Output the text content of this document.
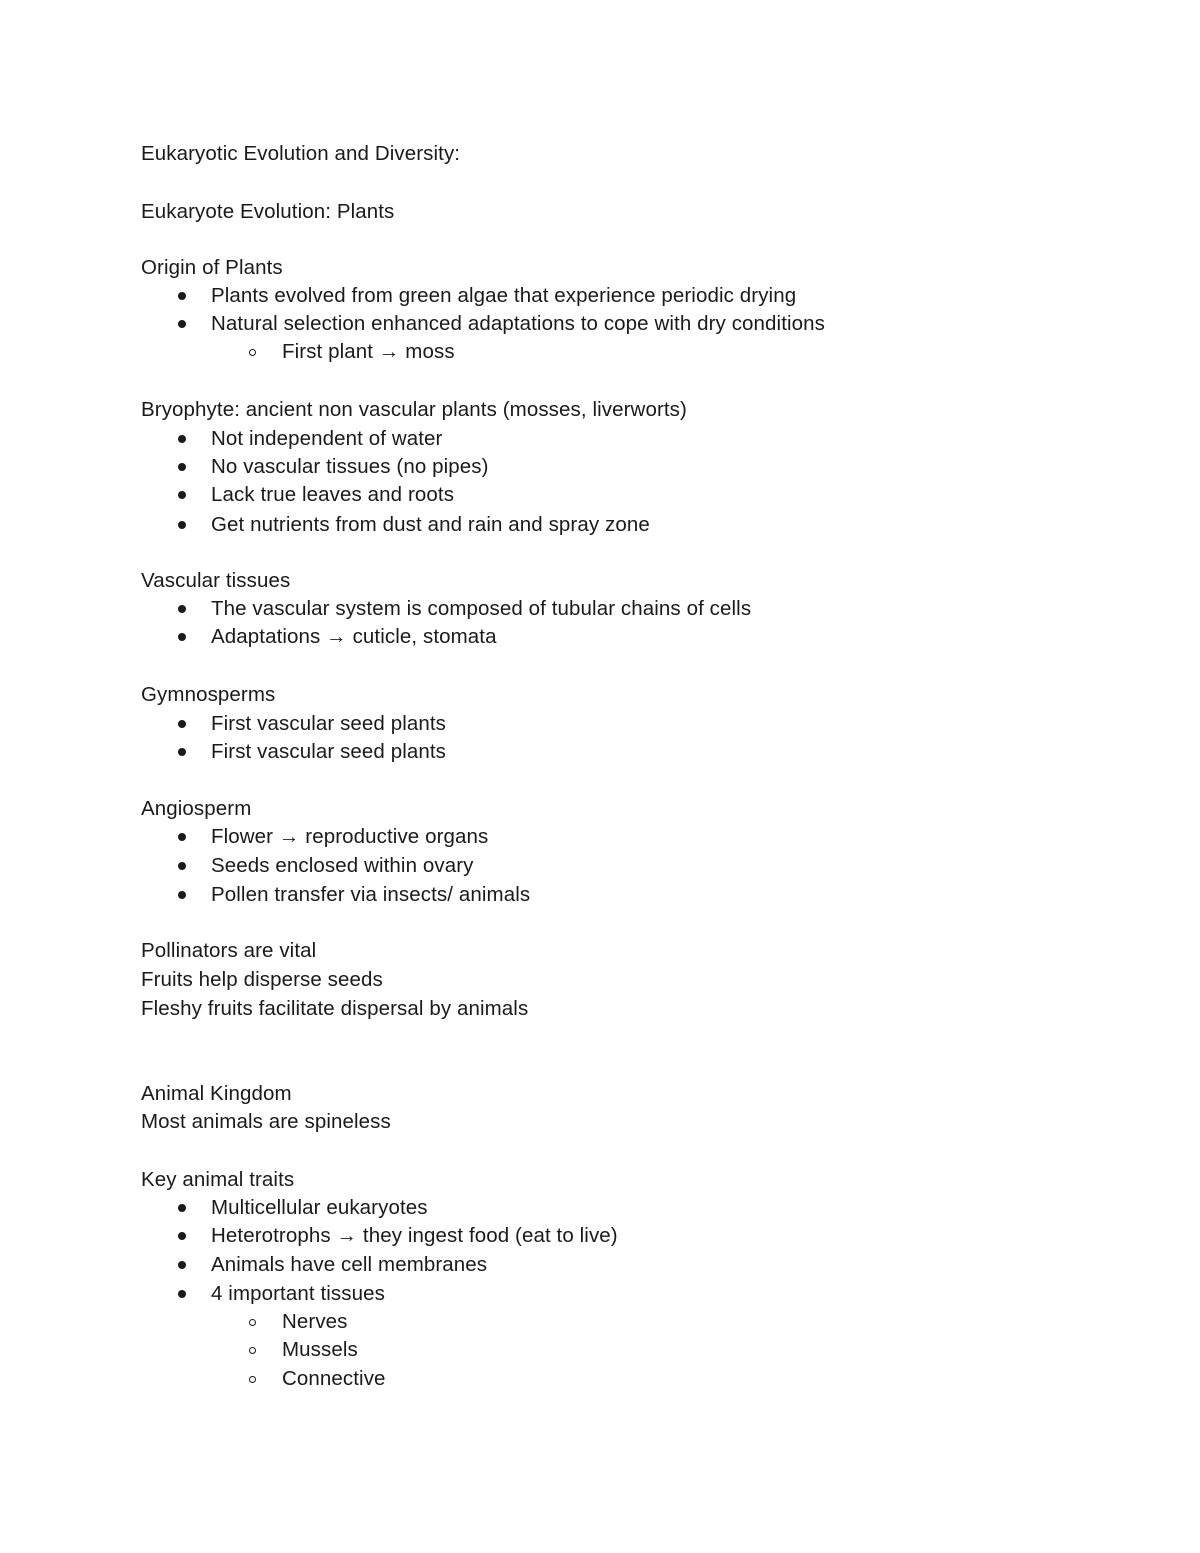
Eukaryotic Evolution and Diversity:
Eukaryote Evolution: Plants
Origin of Plants
Plants evolved from green algae that experience periodic drying
Natural selection enhanced adaptations to cope with dry conditions
First plant → moss
Bryophyte: ancient non vascular plants (mosses, liverworts)
Not independent of water
No vascular tissues (no pipes)
Lack true leaves and roots
Get nutrients from dust and rain and spray zone
Vascular tissues
The vascular system is composed of tubular chains of cells
Adaptations → cuticle, stomata
Gymnosperms
First vascular seed plants
First vascular seed plants
Angiosperm
Flower → reproductive organs
Seeds enclosed within ovary
Pollen transfer via insects/ animals
Pollinators are vital
Fruits help disperse seeds
Fleshy fruits facilitate dispersal by animals
Animal Kingdom
Most animals are spineless
Key animal traits
Multicellular eukaryotes
Heterotrophs → they ingest food (eat to live)
Animals have cell membranes
4 important tissues
Nerves
Mussels
Connective
